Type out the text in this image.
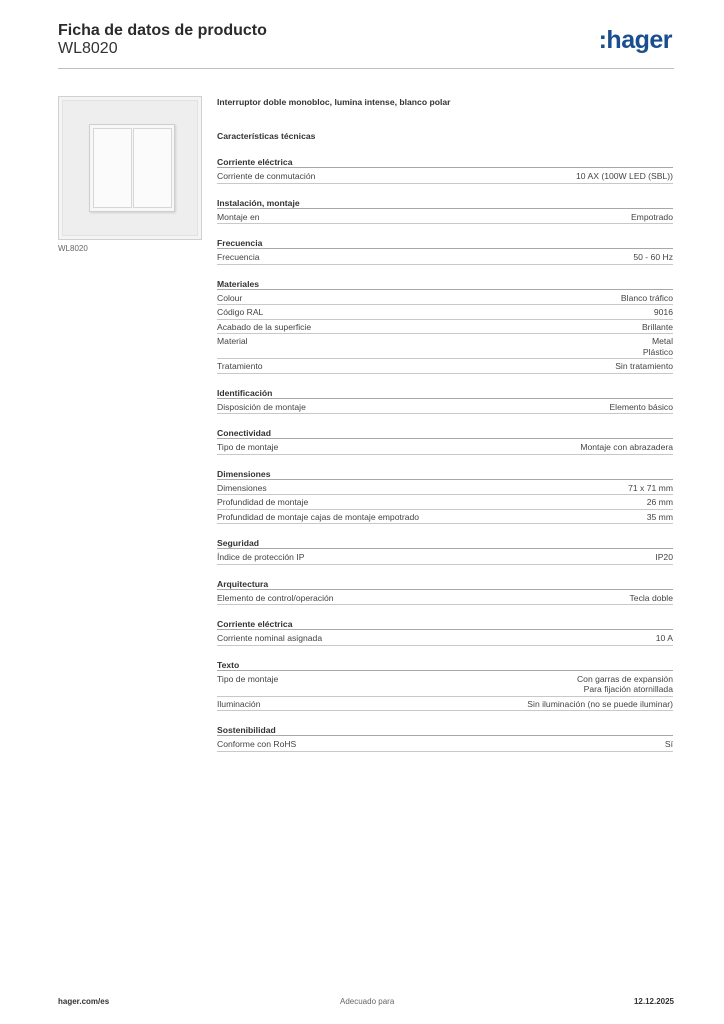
Ficha de datos de producto
WL8020	:hager
WL8020
Interruptor doble monobloc, lumina intense, blanco polar
Características técnicas
Corriente eléctrica
Corriente de conmutación	10 AX (100W LED (SBL))
Instalación, montaje
Montaje en	Empotrado
Frecuencia
Frecuencia	50 - 60 Hz
Materiales
Colour	Blanco tráfico
Código RAL	9016
Acabado de la superficie	Brillante
Material	Metal
Plástico
Tratamiento	Sin tratamiento
Identificación
Disposición de montaje	Elemento básico
Conectividad
Tipo de montaje	Montaje con abrazadera
Dimensiones
Dimensiones	71 x 71 mm
Profundidad de montaje	26 mm
Profundidad de montaje cajas de montaje empotrado	35 mm
Seguridad
Índice de protección IP	IP20
Arquitectura
Elemento de control/operación	Tecla doble
Corriente eléctrica
Corriente nominal asignada	10 A
Texto
Tipo de montaje	Con garras de expansión
Para fijación atornillada
Iluminación	Sin iluminación (no se puede iluminar)
Sostenibilidad
Conforme con RoHS	Sí
hager.com/es	Adecuado para	12.12.2025
